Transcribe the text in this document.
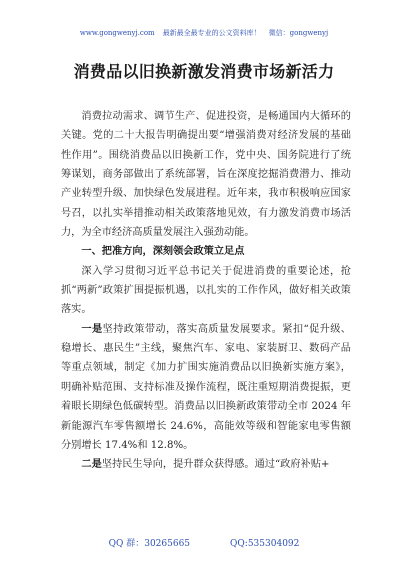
www.gongwenyj.com 最新最全最专业的公文资料库！ 微信：gongwenyj
消费品以旧换新激发消费市场新活力

消费拉动需求、调节生产、促进投资，是畅通国内大循环的关键。党的二十大报告明确提出要“增强消费对经济发展的基础性作用”。围绕消费品以旧换新工作，党中央、国务院进行了统筹谋划，商务部做出了系统部署，旨在深度挖掘消费潜力、推动产业转型升级、加快绿色发展进程。近年来，我市积极响应国家号召，以扎实举措推动相关政策落地见效，有力激发消费市场活力，为全市经济高质量发展注入强劲动能。

一、把准方向，深刻领会政策立足点

深入学习贯彻习近平总书记关于促进消费的重要论述，抢抓“两新”政策扩围提振机遇，以扎实的工作作风，做好相关政策落实。

一是坚持政策带动，落实高质量发展要求。紧扣“促升级、稳增长、惠民生”主线，聚焦汽车、家电、家装厨卫、数码产品等重点领域，制定《加力扩围实施消费品以旧换新实施方案》，明确补贴范围、支持标准及操作流程，既注重短期消费提振，更着眼长期绿色低碳转型。消费品以旧换新政策带动全市 2024 年新能源汽车零售额增长 24.6%，高能效等级和智能家电零售额分别增长 17.4%和 12.8%。

二是坚持民生导向，提升群众获得感。通过“政府补贴+

QQ 群：30265665	QQ:535304092
